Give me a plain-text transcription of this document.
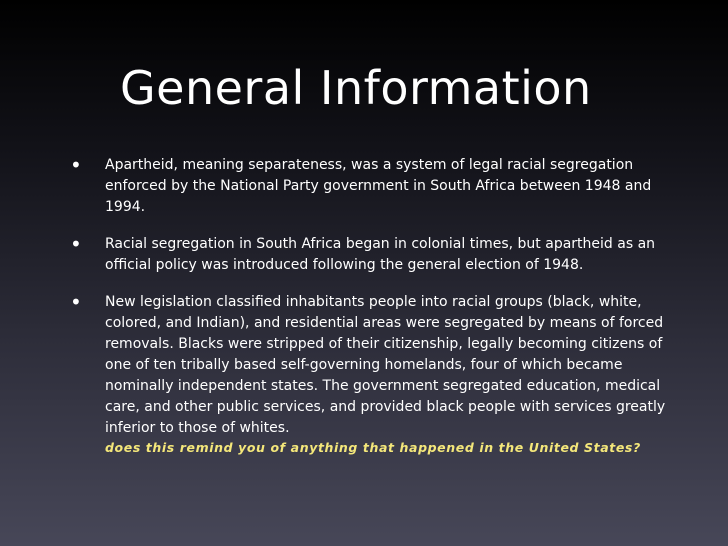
General Information
• Apartheid, meaning separateness, was a system of legal racial segregation enforced by the National Party government in South Africa between 1948 and 1994.
• Racial segregation in South Africa began in colonial times, but apartheid as an official policy was introduced following the general election of 1948.
• New legislation classified inhabitants people into racial groups (black, white, colored, and Indian), and residential areas were segregated by means of forced removals. Blacks were stripped of their citizenship, legally becoming citizens of one of ten tribally based self-governing homelands, four of which became nominally independent states. The government segregated education, medical care, and other public services, and provided black people with services greatly inferior to those of whites.
does this remind you of anything that happened in the United States?
